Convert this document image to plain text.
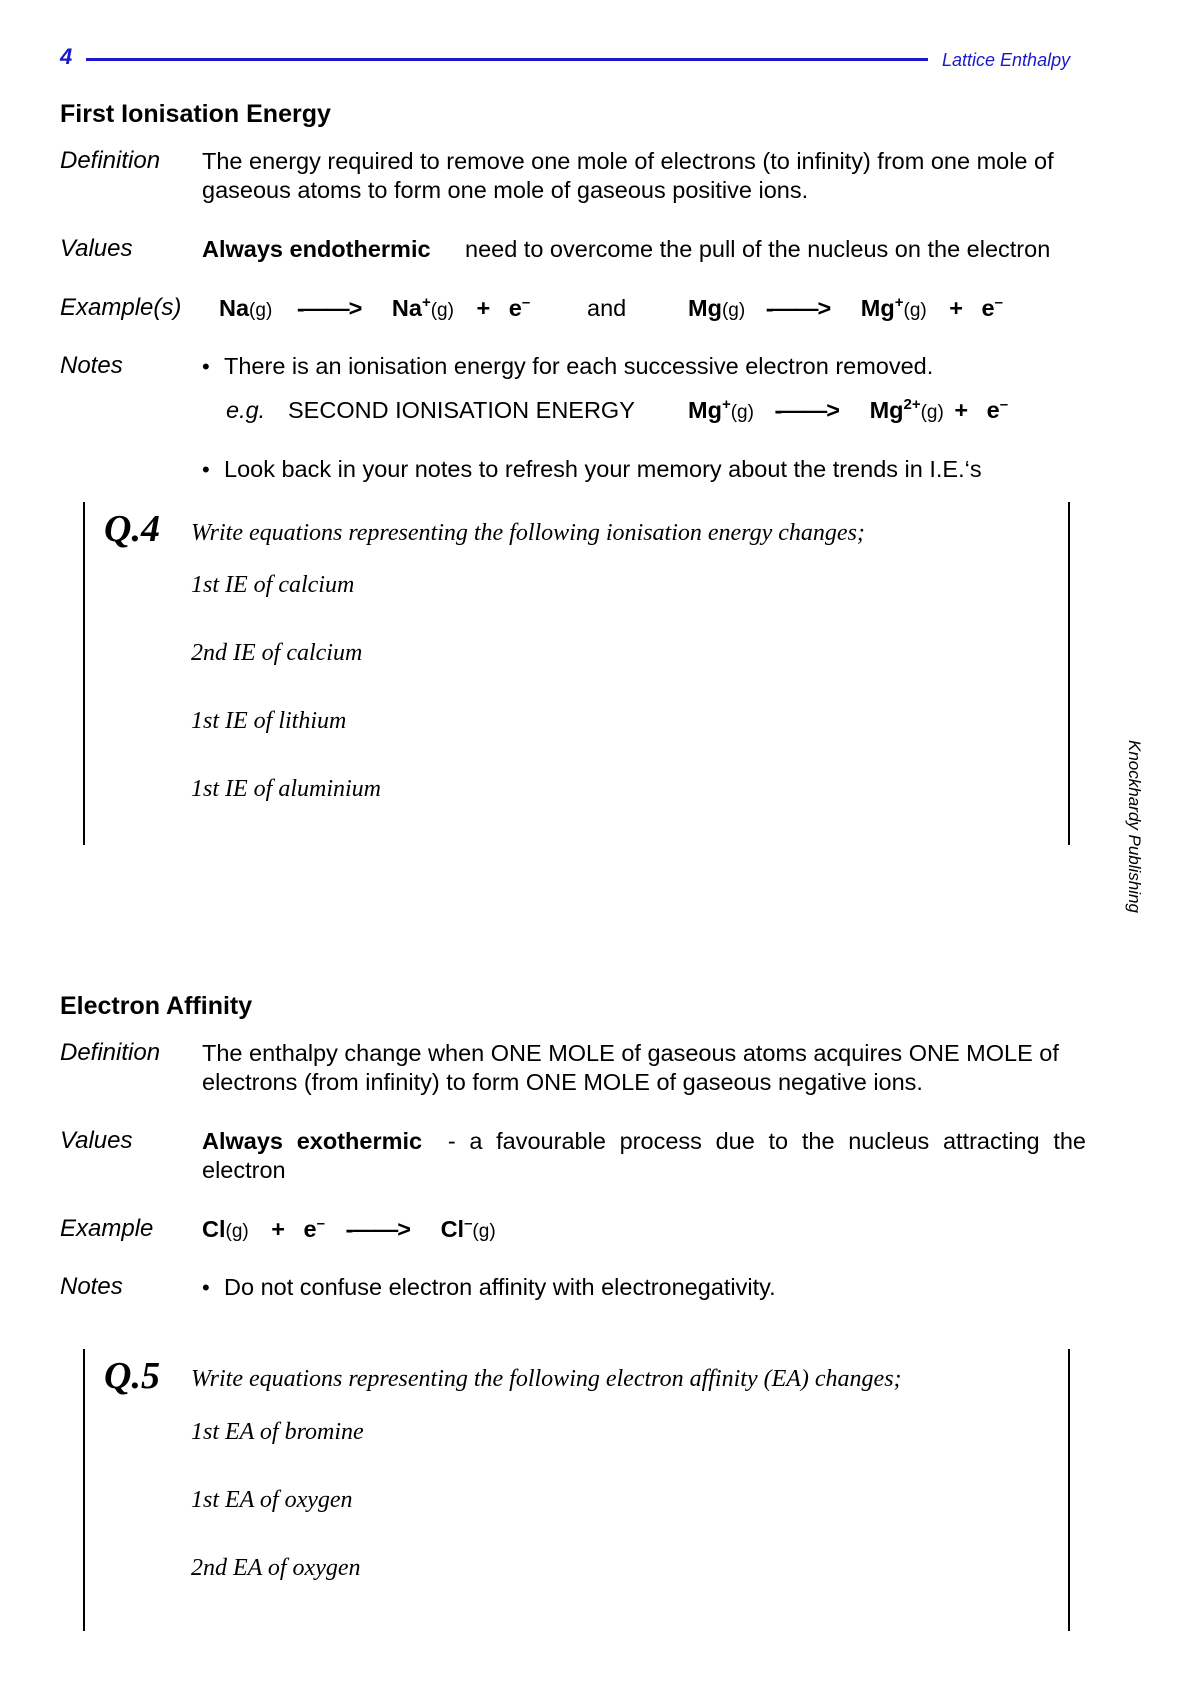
4	Lattice Enthalpy
Knockhardy Publishing
First Ionisation Energy
Definition The energy required to remove one mole of electrons (to infinity) from one mole of gaseous atoms to form one mole of gaseous positive ions.
Values	Always endothermic need to overcome the pull of the nucleus on the electron
Example(s) Na(g) -——> Na+(g) + e– and	Mg(g) -——> Mg+(g) + e–
Notes	• There is an ionisation energy for each successive electron removed.
e.g. SECOND IONISATION ENERGY Mg+(g) -——> $Mg^{2+}(g) + e^-$
• Look back in your notes to refresh your memory about the trends in I.E.‘s
Q.4 Write equations representing the following ionisation energy changes;
1st IE of calcium
2nd IE of calcium
1st IE of lithium
1st IE of aluminium
Electron Affinity
Definition The enthalpy change when ONE MOLE of gaseous atoms acquires ONE MOLE of electrons (from infinity) to form ONE MOLE of gaseous negative ions.
Values	Always exothermic - a favourable process due to the nucleus attracting the electron
Example Cl(g) + e– -——> Cl–(g)
Notes	• Do not confuse electron affinity with electronegativity.
Q.5 Write equations representing the following electron affinity (EA) changes;
1st EA of bromine
1st EA of oxygen
2nd EA of oxygen
